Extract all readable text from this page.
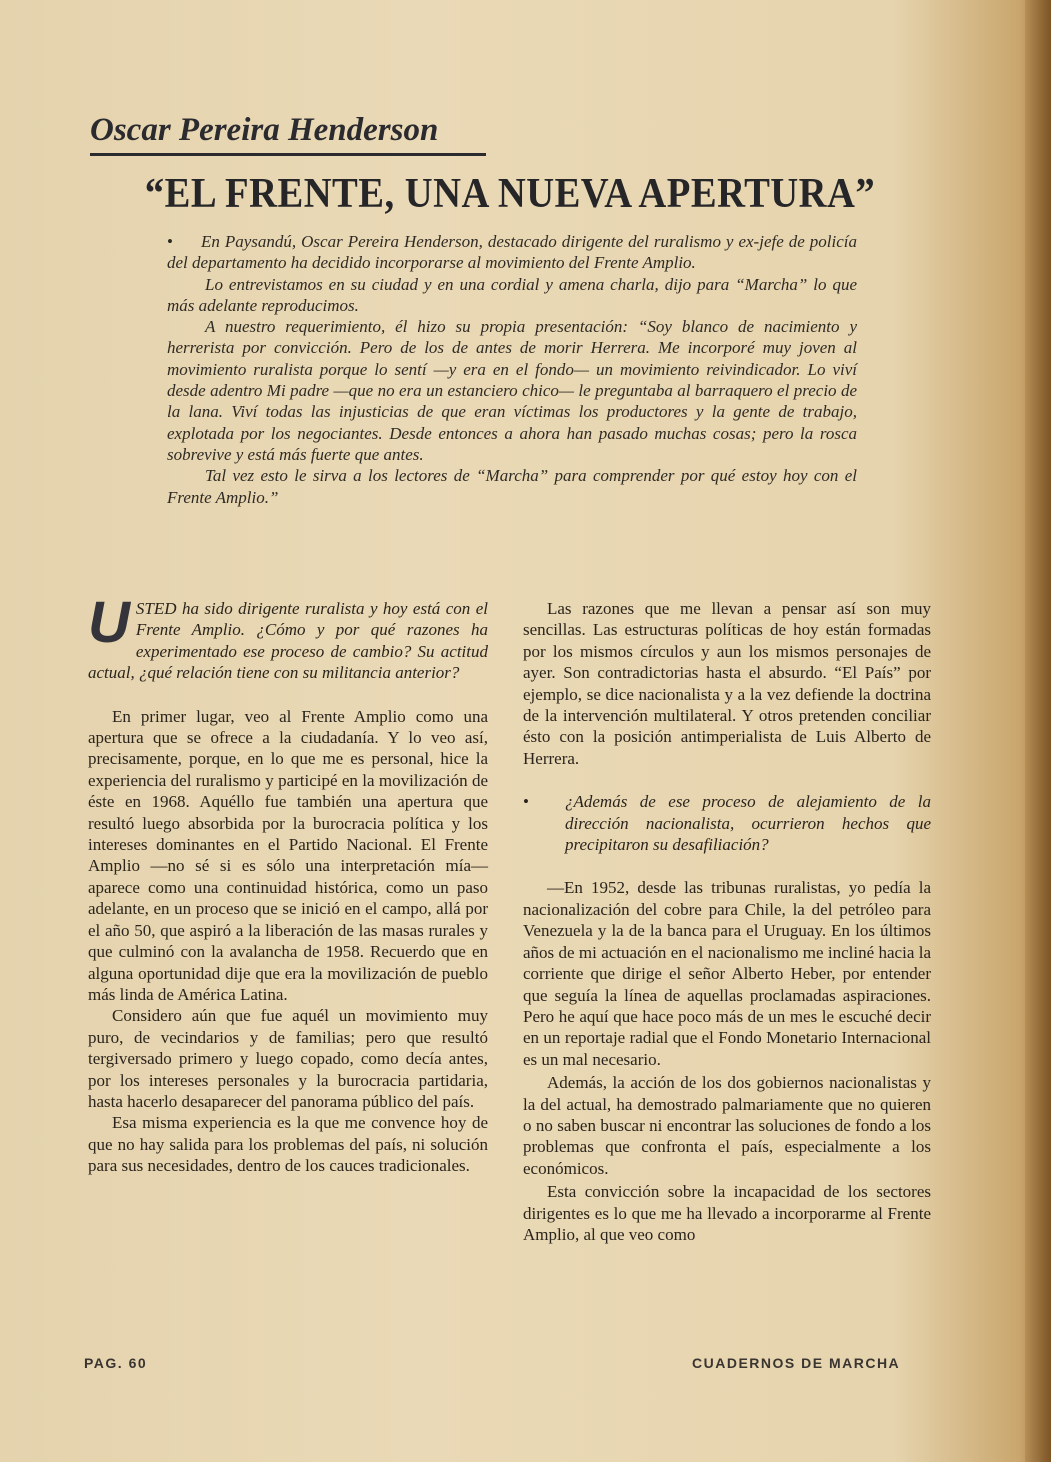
Oscar Pereira Henderson
“EL FRENTE, UNA NUEVA APERTURA”

• En Paysandú, Oscar Pereira Henderson, destacado dirigente del ruralismo y ex-jefe de policía del departamento ha decidido incorporarse al movimiento del Frente Amplio.

Lo entrevistamos en su ciudad y en una cordial y amena charla, dijo para “Marcha” lo que más adelante reproducimos.

A nuestro requerimiento, él hizo su propia presentación: “Soy blanco de nacimiento y herrerista por convicción. Pero de los de antes de morir Herrera. Me incorporé muy joven al movimiento ruralista porque lo sentí —y era en el fondo— un movimiento reivindicador. Lo viví desde adentro Mi padre —que no era un estanciero chico— le preguntaba al barraquero el precio de la lana. Viví todas las injusticias de que eran víctimas los productores y la gente de trabajo, explotada por los negociantes. Desde entonces a ahora han pasado muchas cosas; pero la rosca sobrevive y está más fuerte que antes.

Tal vez esto le sirva a los lectores de “Marcha” para comprender por qué estoy hoy con el Frente Amplio.”

USTED ha sido dirigente ruralista y hoy está con el Frente Amplio. ¿Cómo y por qué razones ha experimentado ese proceso de cambio? Su actitud actual, ¿qué relación tiene con su militancia anterior?

En primer lugar, veo al Frente Amplio como una apertura que se ofrece a la ciudadanía. Y lo veo así, precisamente, porque, en lo que me es personal, hice la experiencia del ruralismo y participé en la movilización de éste en 1968. Aquéllo fue también una apertura que resultó luego absorbida por la burocracia política y los intereses dominantes en el Partido Nacional. El Frente Amplio —no sé si es sólo una interpretación mía— aparece como una continuidad histórica, como un paso adelante, en un proceso que se inició en el campo, allá por el año 50, que aspiró a la liberación de las masas rurales y que culminó con la avalancha de 1958. Recuerdo que en alguna oportunidad dije que era la movilización de pueblo más linda de América Latina.

Considero aún que fue aquél un movimiento muy puro, de vecindarios y de familias; pero que resultó tergiversado primero y luego copado, como decía antes, por los intereses personales y la burocracia partidaria, hasta hacerlo desaparecer del panorama público del país.

Esa misma experiencia es la que me convence hoy de que no hay salida para los problemas del país, ni solución para sus necesidades, dentro de los cauces tradicionales.

Las razones que me llevan a pensar así son muy sencillas. Las estructuras políticas de hoy están formadas por los mismos círculos y aun los mismos personajes de ayer. Son contradictorias hasta el absurdo. “El País” por ejemplo, se dice nacionalista y a la vez defiende la doctrina de la intervención multilateral. Y otros pretenden conciliar ésto con la posición antimperialista de Luis Alberto de Herrera.

• ¿Además de ese proceso de alejamiento de la dirección nacionalista, ocurrieron hechos que precipitaron su desafiliación?

—En 1952, desde las tribunas ruralistas, yo pedía la nacionalización del cobre para Chile, la del petróleo para Venezuela y la de la banca para el Uruguay. En los últimos años de mi actuación en el nacionalismo me incliné hacia la corriente que dirige el señor Alberto Heber, por entender que seguía la línea de aquellas proclamadas aspiraciones. Pero he aquí que hace poco más de un mes le escuché decir en un reportaje radial que el Fondo Monetario Internacional es un mal necesario.

Además, la acción de los dos gobiernos nacionalistas y la del actual, ha demostrado palmariamente que no quieren o no saben buscar ni encontrar las soluciones de fondo a los problemas que confronta el país, especialmente a los económicos.

Esta convicción sobre la incapacidad de los sectores dirigentes es lo que me ha llevado a incorporarme al Frente Amplio, al que veo como

PAG. 60	CUADERNOS DE MARCHA
